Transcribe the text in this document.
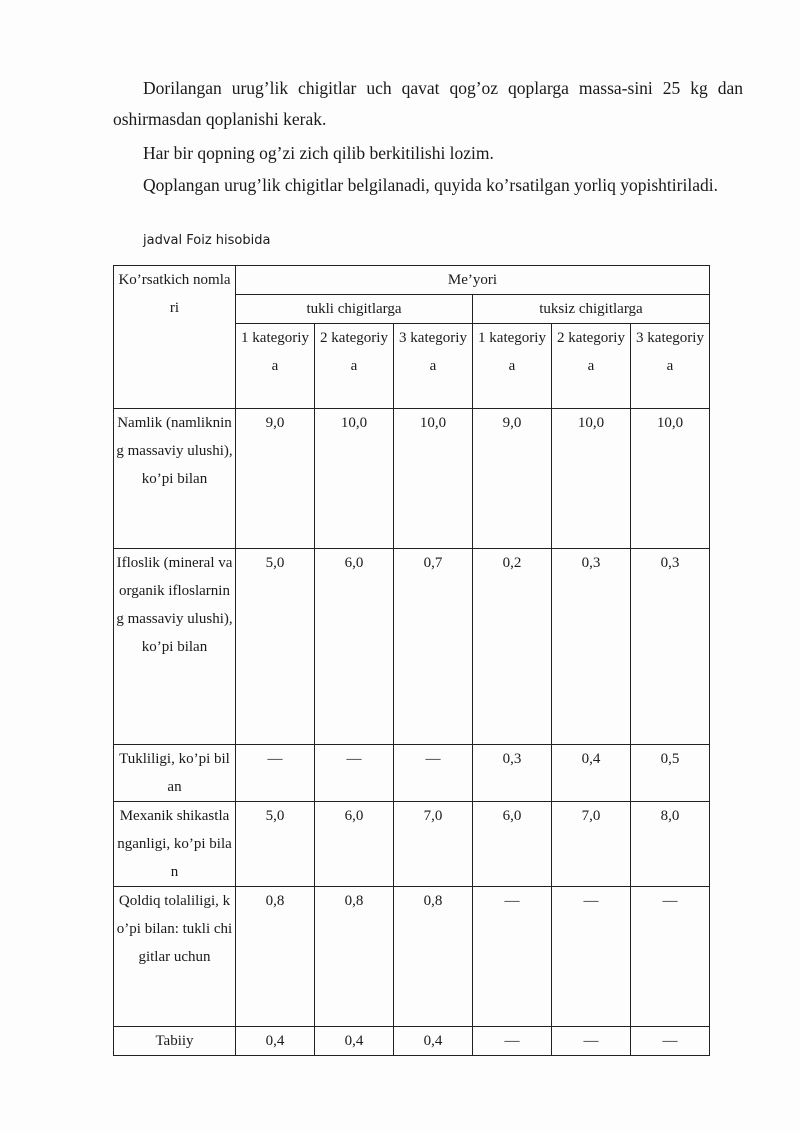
Dorilangan urug’lik chigitlar uch qavat qog’oz qoplarga massa-sini 25 kg dan oshirmasdan qoplanishi kerak.

Har bir qopning og’zi zich qilib berkitilishi lozim.

Qoplangan urug’lik chigitlar belgilanadi, quyida ko’rsatilgan yorliq yopishtiriladi.

jadval Foiz hisobida
Ko’rsatkich nomlari	Me’yori					
	tukli chigitlarga			tuksiz chigitlarga		
	1 kategoriya	2 kategoriya	3 kategoriya	1 kategoriya	2 kategoriya	3 kategoriya
Namlik (namlikning massaviy ulushi), ko’pi bilan	9,0	10,0	10,0	9,0	10,0	10,0
Ifloslik (mineral va organik ifloslarning massaviy ulushi), ko’pi bilan	5,0	6,0	0,7	0,2	0,3	0,3
Tukliligi, ko’pi bilan	—	—	—	0,3	0,4	0,5
Mexanik shikastlanganligi, ko’pi bilan	5,0	6,0	7,0	6,0	7,0	8,0
Qoldiq tolaliligi, ko’pi bilan: tukli chigitlar uchun	0,8	0,8	0,8	—	—	—
Tabiiy	0,4	0,4	0,4	—	—	—
